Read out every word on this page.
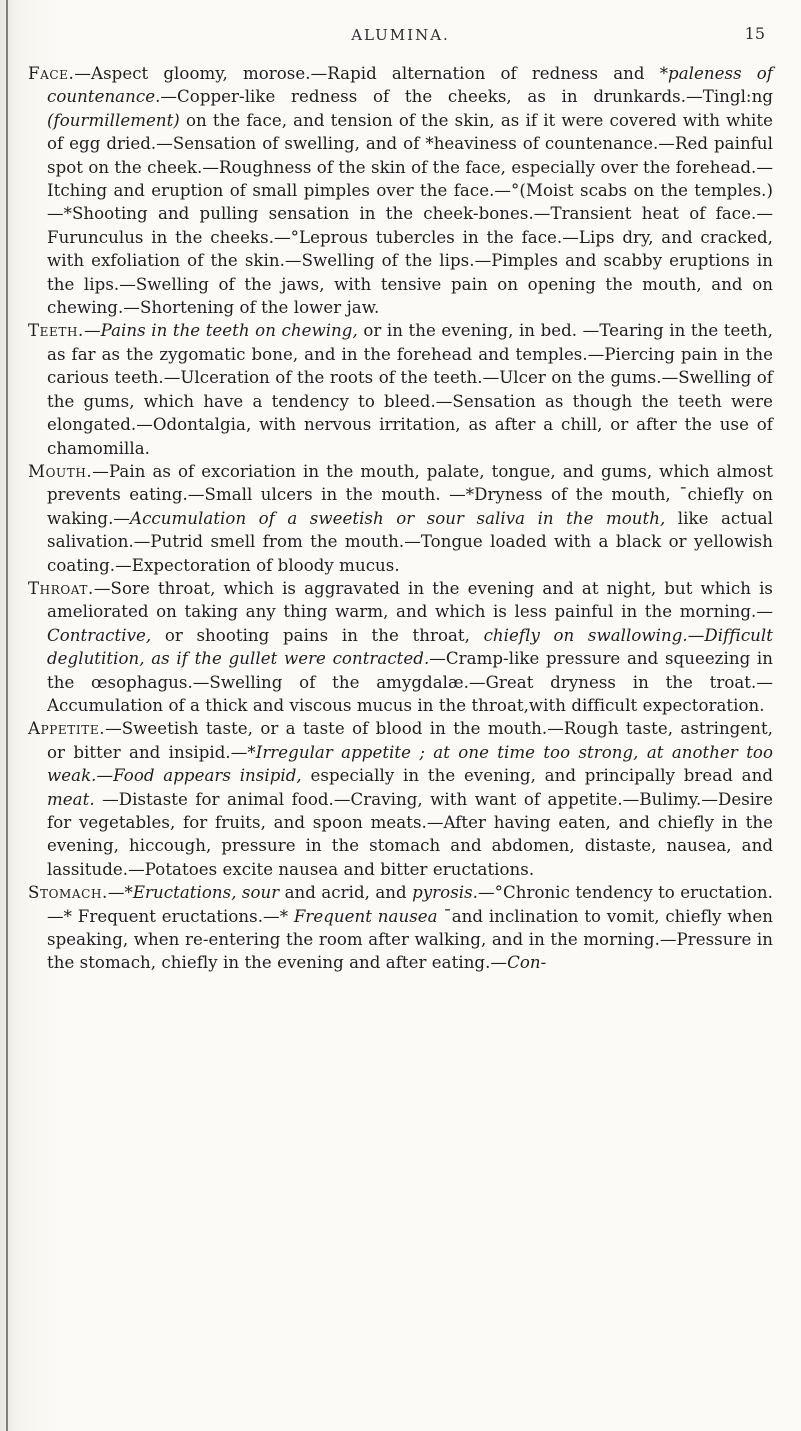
ALUMINA.	15

Face.—Aspect gloomy, morose.—Rapid alternation of redness and *paleness of countenance.—Copper-like redness of the cheeks, as in drunkards.—Tingl:ng (fourmillement) on the face, and tension of the skin, as if it were covered with white of egg dried.—Sensation of swelling, and of *heaviness of countenance.—Red painful spot on the cheek.—Roughness of the skin of the face, especially over the forehead.—Itching and eruption of small pimples over the face.—°(Moist scabs on the temples.)—*Shooting and pulling sensation in the cheek-bones.—Transient heat of face.—Furunculus in the cheeks.—°Leprous tubercles in the face.—Lips dry, and cracked, with exfoliation of the skin.—Swelling of the lips.—Pimples and scabby eruptions in the lips.—Swelling of the jaws, with tensive pain on opening the mouth, and on chewing.—Shortening of the lower jaw.

Teeth.—Pains in the teeth on chewing, or in the evening, in bed. —Tearing in the teeth, as far as the zygomatic bone, and in the forehead and temples.—Piercing pain in the carious teeth.—Ulceration of the roots of the teeth.—Ulcer on the gums.—Swelling of the gums, which have a tendency to bleed.—Sensation as though the teeth were elongated.—Odontalgia, with nervous irritation, as after a chill, or after the use of chamomilla.

Mouth.—Pain as of excoriation in the mouth, palate, tongue, and gums, which almost prevents eating.—Small ulcers in the mouth. —*Dryness of the mouth, ¯chiefly on waking.—Accumulation of a sweetish or sour saliva in the mouth, like actual salivation.—Putrid smell from the mouth.—Tongue loaded with a black or yellowish coating.—Expectoration of bloody mucus.

Throat.—Sore throat, which is aggravated in the evening and at night, but which is ameliorated on taking any thing warm, and which is less painful in the morning.—Contractive, or shooting pains in the throat, chiefly on swallowing.—Difficult deglutition, as if the gullet were contracted.—Cramp-like pressure and squeezing in the œsophagus.—Swelling of the amygdalæ.—Great dryness in the troat.—Accumulation of a thick and viscous mucus in the throat,with difficult expectoration.

Appetite.—Sweetish taste, or a taste of blood in the mouth.—Rough taste, astringent, or bitter and insipid.—*Irregular appetite ; at one time too strong, at another too weak.—Food appears insipid, especially in the evening, and principally bread and meat. —Distaste for animal food.—Craving, with want of appetite.—Bulimy.—Desire for vegetables, for fruits, and spoon meats.—After having eaten, and chiefly in the evening, hiccough, pressure in the stomach and abdomen, distaste, nausea, and lassitude.—Potatoes excite nausea and bitter eructations.

Stomach.—*Eructations, sour and acrid, and pyrosis.—°Chronic tendency to eructation.—* Frequent eructations.—* Frequent nausea ¯and inclination to vomit, chiefly when speaking, when re-entering the room after walking, and in the morning.—Pressure in the stomach, chiefly in the evening and after eating.—Con-
